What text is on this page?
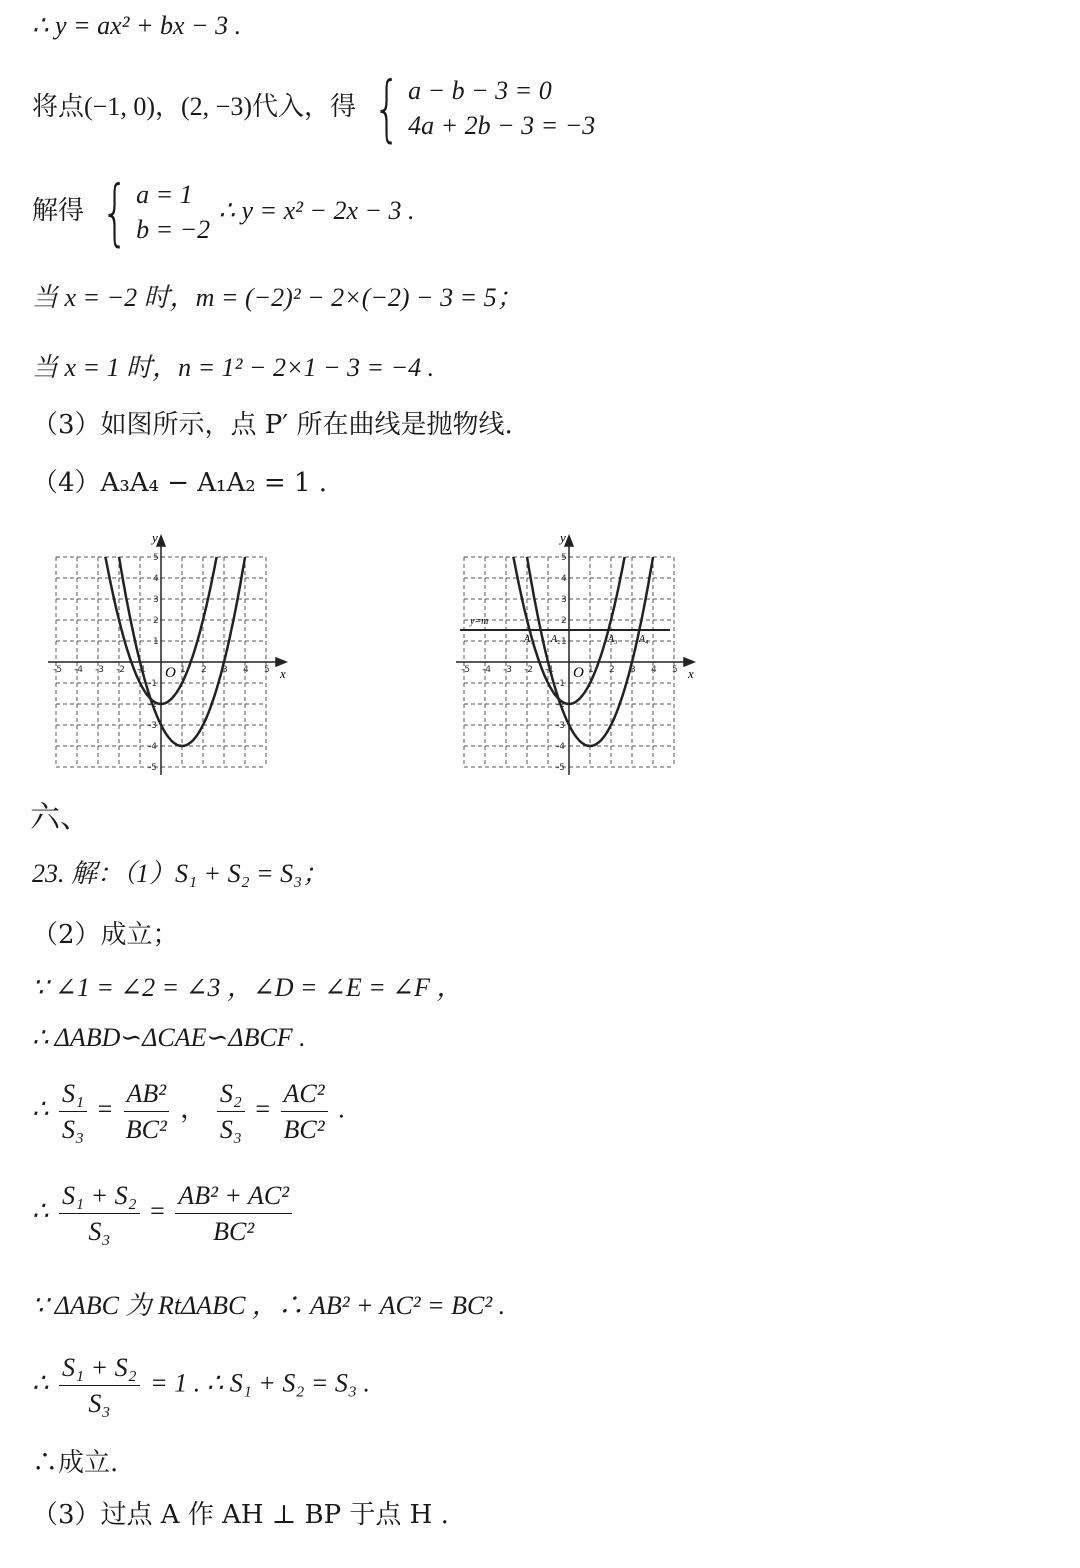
∴ y = ax² + bx − 3 .
将点(−1, 0)，(2, −3)代入，得 { a − b − 3 = 0
4a + 2b − 3 = −3
解得 { a = 1
b = −2
∴ y = x² − 2x − 3 .
当 x = −2 时，m = (−2)² − 2×(−2) − 3 = 5；
当 x = 1 时，n = 1² − 2×1 − 3 = −4 .
（3）如图所示，点 P′ 所在曲线是抛物线.
（4）A₃A₄ − A₁A₂ = 1 .
-5 -4 -3 -2 -1	1 2 3 4 5
5
4
3
2
1
-1
-2
-3
-4
-5
y
x
O	-5 -4 -3 -2 -1	1 2 3 4 5
5
4
3
2
1
-1
-2
-3
-4
-5
y
x
O
y=m
A₁ A₂	A₃ A₄
六、
23. 解：（1）S₁ + S₂ = S₃；
（2）成立；
∵ ∠1 = ∠2 = ∠3 ，∠D = ∠E = ∠F ，
∴ ΔABD∽ΔCAE∽ΔBCF .
∴ $\frac{\text{S₁}}{\text{S₃}} = \frac{\text{AB²}}{\text{BC²}}$ ， $\frac{\text{S₂}}{\text{S₃}} = \frac{\text{AC²}}{\text{BC²}}$ .
∴ $\frac{\text{S₁ + S₂}}{\text{S₃}} = \frac{\text{AB² + AC²}}{\text{BC²}}$
∵ ΔABC 为 RtΔABC ，∴ AB² + AC² = BC² .
∴ $\frac{\text{S₁ + S₂}}{\text{S₃}} = 1$ . ∴ S₁ + S₂ = S₃ .
∴成立.
（3）过点 A 作 AH ⊥ BP 于点 H .
